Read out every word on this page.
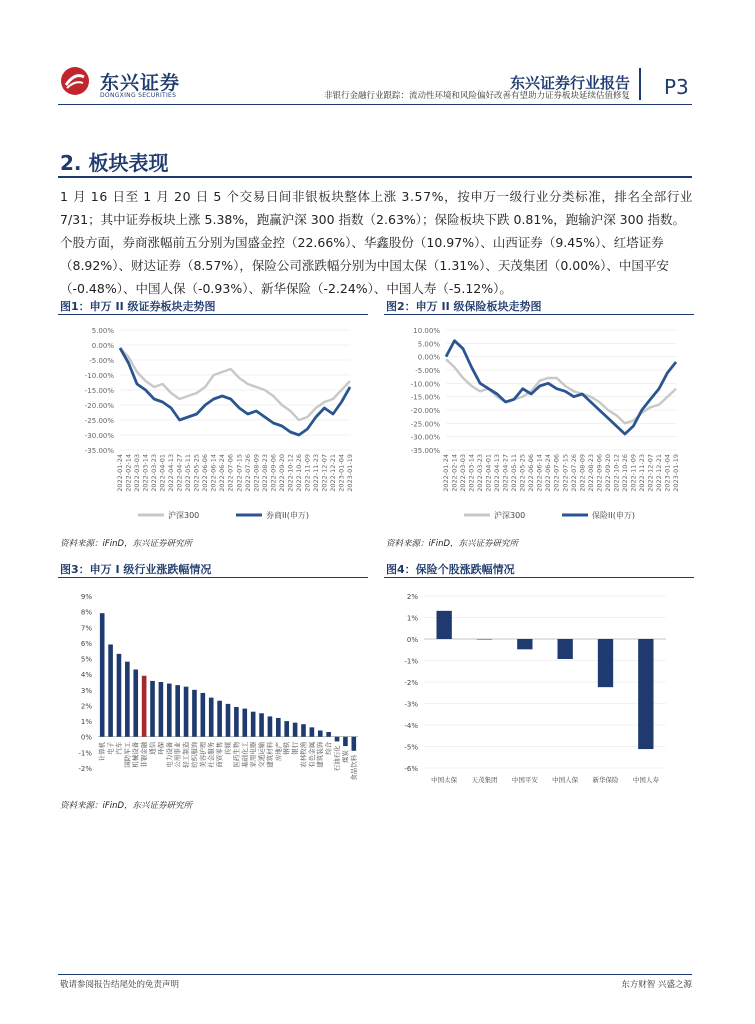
东兴证券
DONGXING SECURITIES
东兴证券行业报告
非银行金融行业跟踪：流动性环境和风险偏好改善有望助力证券板块延续估值修复 P3
2. 板块表现
1 月 16 日至 1 月 20 日 5 个交易日间非银板块整体上涨 3.57%，按申万一级行业分类标准，排名全部行业
7/31；其中证券板块上涨 5.38%，跑赢沪深 300 指数（2.63%）；保险板块下跌 0.81%，跑输沪深 300 指数。
个股方面，券商涨幅前五分别为国盛金控（22.66%）、华鑫股份（10.97%）、山西证券（9.45%）、红塔证券
（8.92%）、财达证券（8.57%），保险公司涨跌幅分别为中国太保（1.31%）、天茂集团（0.00%）、中国平安
（-0.48%）、中国人保（-0.93%）、新华保险（-2.24%）、中国人寿（-5.12%）。
图1：申万 II 级证券板块走势图	图2：申万 II 级保险板块走势图
5.00%
0.00%
-5.00%
-10.00%
-15.00%
-20.00%
-25.00%
-30.00%
-35.00%
2022-01-24 2022-02-14 2022-03-03 2022-03-14 2022-03-23 2022-04-01 2022-04-13 2022-04-27 2022-05-11 2022-05-25 2022-06-06 2022-06-14 2022-06-24 2022-07-06 2022-07-15 2022-07-26 2022-08-09 2022-08-23 2022-09-06 2022-09-20 2022-10-12 2022-10-26 2022-11-09 2022-11-23 2022-12-07 2022-12-21 2023-01-04 2023-01-19
沪深300	券商II(申万)
10.00%
5.00%
0.00%
-5.00%
-10.00%
-15.00%
-20.00%
-25.00%
-30.00%
-35.00%
2022-01-24 2022-02-14 2022-03-03 2022-03-14 2022-03-23 2022-04-01 2022-04-13 2022-04-27 2022-05-11 2022-05-25 2022-06-06 2022-06-14 2022-06-24 2022-07-06 2022-07-15 2022-07-26 2022-08-09 2022-08-23 2022-09-06 2022-09-20 2022-10-12 2022-10-26 2022-11-09 2022-11-23 2022-12-07 2022-12-21 2023-01-04 2023-01-19
沪深300	保险II(申万)
资料来源：iFinD，东兴证券研究所	资料来源：iFinD，东兴证券研究所
图3：申万 I 级行业涨跌幅情况	图4：保险个股涨跌幅情况
9%
8%
7%
6%
5%
4%
3%
2%
1%
0%
-1%
-2%
计算机 电子 汽车 国防军工 机械设备 非银金融 通信 环保 电力设备 公用事业 轻工制造 纺织服饰 美容护理 社会服务 商贸零售 传媒 医药生物 基础化工 家用电器 交通运输 建筑材料 房地产 钢铁 银行 农林牧渔 有色金属 建筑装饰 综合 石油石化 煤炭 食品饮料
2%
1%
0%
-1%
-2%
-3%
-4%
-5%
-6%
中国太保 天茂集团 中国平安 中国人保 新华保险 中国人寿
资料来源：iFinD，东兴证券研究所
敬请参阅报告结尾处的免责声明	东方财智 兴盛之源
